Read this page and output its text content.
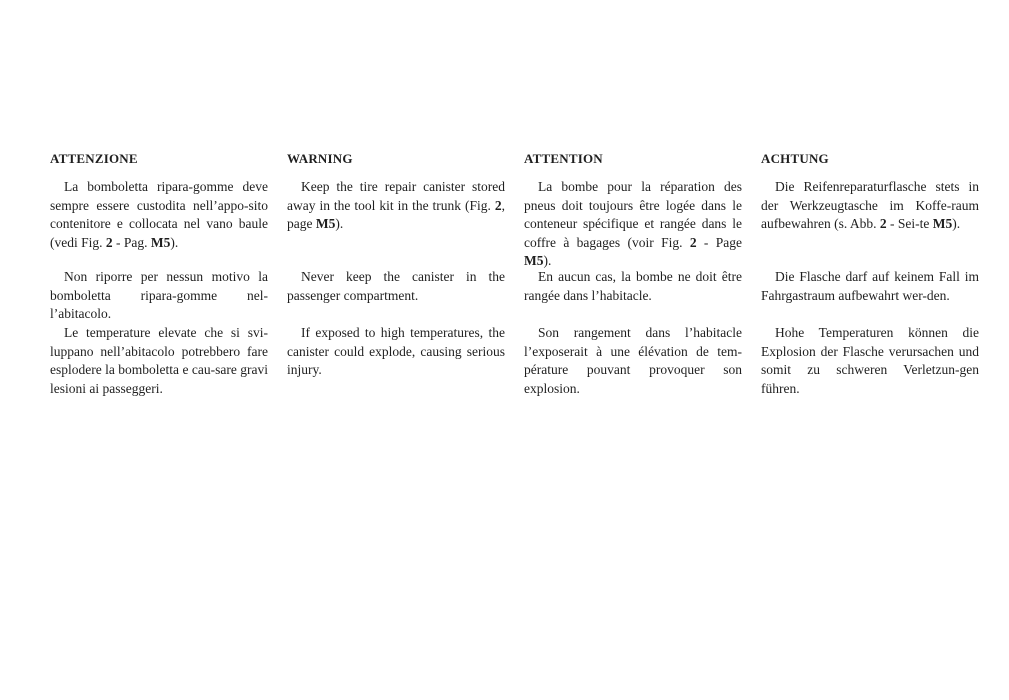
ATTENZIONE

La bomboletta ripara-gomme deve sempre essere custodita nell’appo-sito contenitore e collocata nel vano baule (vedi Fig. 2 - Pag. M5).

Non riporre per nessun motivo la bomboletta ripara-gomme nel-l’abitacolo.

Le temperature elevate che si svi-luppano nell’abitacolo potrebbero fare esplodere la bomboletta e cau-sare gravi lesioni ai passeggeri.

WARNING

Keep the tire repair canister stored away in the tool kit in the trunk (Fig. 2, page M5).

Never keep the canister in the passenger compartment.

If exposed to high temperatures, the canister could explode, causing serious injury.

ATTENTION

La bombe pour la réparation des pneus doit toujours être logée dans le conteneur spécifique et rangée dans le coffre à bagages (voir Fig. 2 - Page M5).

En aucun cas, la bombe ne doit être rangée dans l’habitacle.

Son rangement dans l’habitacle l’exposerait à une élévation de tem-pérature pouvant provoquer son explosion.

ACHTUNG

Die Reifenreparaturflasche stets in der Werkzeugtasche im Koffe-raum aufbewahren (s. Abb. 2 - Sei-te M5).

Die Flasche darf auf keinem Fall im Fahrgastraum aufbewahrt wer-den.

Hohe Temperaturen können die Explosion der Flasche verursachen und somit zu schweren Verletzun-gen führen.
